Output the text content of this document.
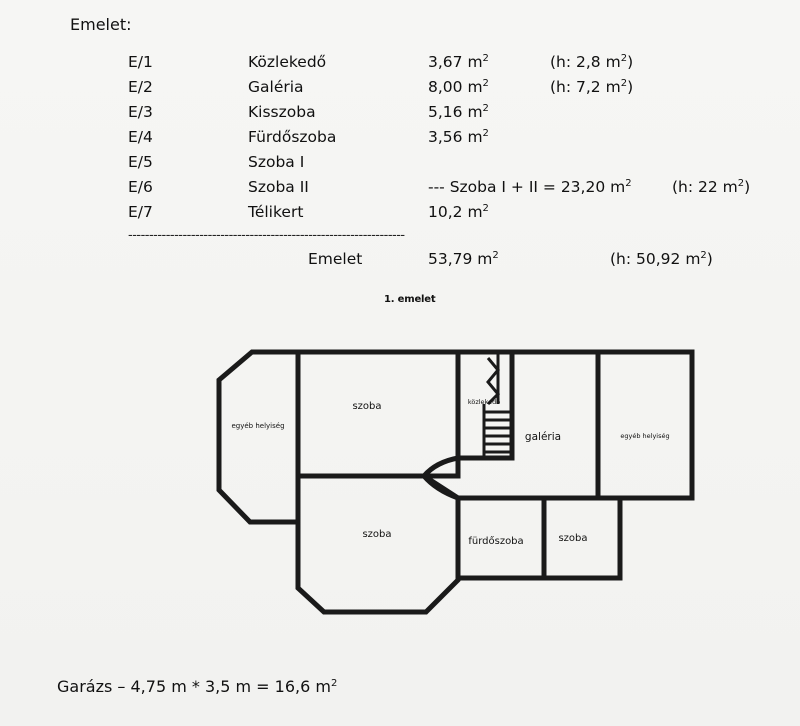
Emelet:
E/1	Közlekedő	3,67 $m^2$	(h: 2,8 $m^2$)
E/2	Galéria	8,00 $m^2$	(h: 7,2 $m^2$)
E/3	Kisszoba	5,16 $m^2$
E/4	Fürdőszoba	3,56 $m^2$
E/5	Szoba I
E/6	Szoba II	--- Szoba I + II = 23,20 $m^2$	(h: 22 $m^2$)
E/7	Télikert	10,2 $m^2$
------------------------------------------------------------------
Emelet	53,79 $m^2$	(h: 50,92 $m^2$)
1. emelet
egyéb helyiség
szoba	közlekedő
galéria	egyéb helyiség
szoba
fürdőszoba	szoba
Garázs – 4,75 m * 3,5 m = 16,6 $m^2$
